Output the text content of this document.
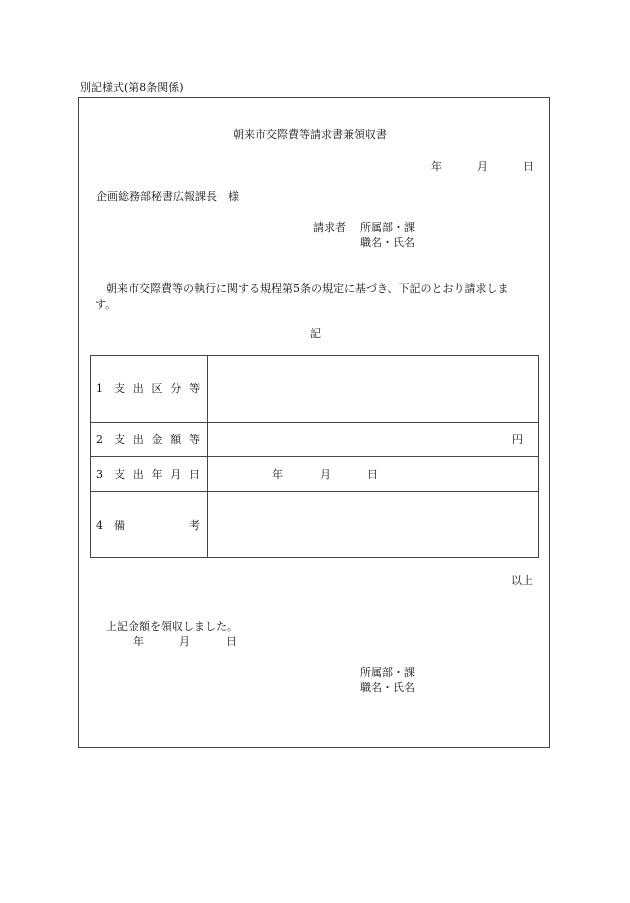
別記様式(第8条関係)
朝来市交際費等請求書兼領収書
年	月	日
企画総務部秘書広報課長　様
請求者 所属部・課
職名・氏名
朝来市交際費等の執行に関する規程第5条の規定に基づき、下記のとおり請求しま
す。
記
1 支 出 区 分 等
2 支 出 金 額 等	円
3 支 出 年 月 日	年	月	日
4 備	考
以上
上記金額を領収しました。
年	月	日
所属部・課
職名・氏名
